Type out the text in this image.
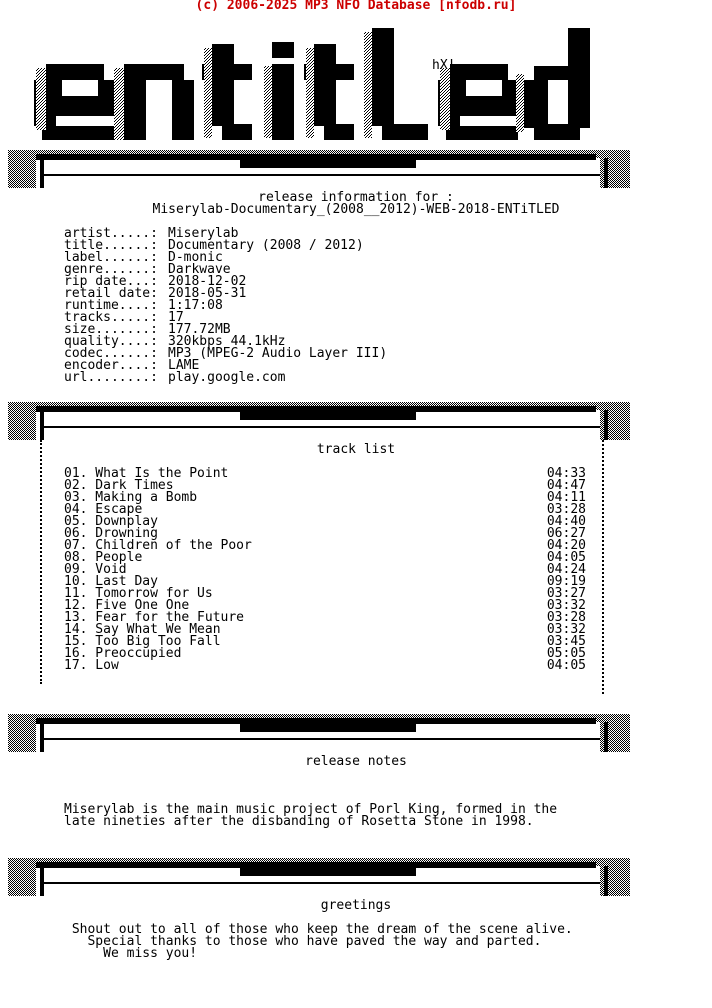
(c) 2006-2025 MP3 NFO Database [nfodb.ru]
hX!
release information for :
Miserylab-Documentary_(2008__2012)-WEB-2018-ENTiTLED
artist.....: Miserylab
title......: Documentary (2008 / 2012)
label......: D-monic
genre......: Darkwave
rip date...: 2018-12-02
retail date: 2018-05-31
runtime....: 1:17:08
tracks.....: 17
size.......: 177.72MB
quality....: 320kbps 44.1kHz
codec......: MP3 (MPEG-2 Audio Layer III)
encoder....: LAME
url........: play.google.com
track list
01. What Is the Point	04:33
02. Dark Times	04:47
03. Making a Bomb	04:11
04. Escape	03:28
05. Downplay	04:40
06. Drowning	06:27
07. Children of the Poor	04:20
08. People	04:05
09. Void	04:24
10. Last Day	09:19
11. Tomorrow for Us	03:27
12. Five One One	03:32
13. Fear for the Future	03:28
14. Say What We Mean	03:32
15. Too Big Too Fall	03:45
16. Preoccupied	05:05
17. Low	04:05
release notes
Miserylab is the main music project of Porl King, formed in the
late nineties after the disbanding of Rosetta Stone in 1998.
greetings
Shout out to all of those who keep the dream of the scene alive.
Special thanks to those who have paved the way and parted.
We miss you!
